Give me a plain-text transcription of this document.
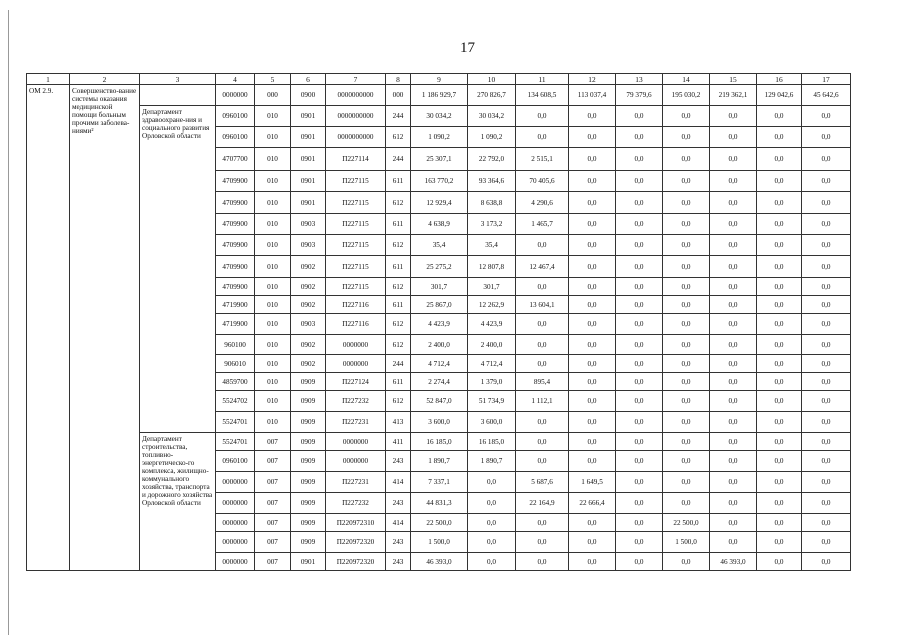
17
1	2	3	4	5	6	7	8	9	10	11	12	13	14	15	16	17
ОМ 2.9.	Совершенство-вание системы оказания медицинской помощи больным прочими заболева-ниями²		0000000	000	0900	0000000000	000	1 186 929,7	270 826,7	134 608,5	113 037,4	79 379,6	195 030,2	219 362,1	129 042,6	45 642,6
		Департамент здравоохране-ния и социального развития Орловской области	0960100	010	0901	0000000000	244	30 034,2	30 034,2	0,0	0,0	0,0	0,0	0,0	0,0	0,0
			0960100	010	0901	0000000000	612	1 090,2	1 090,2	0,0	0,0	0,0	0,0	0,0	0,0	0,0
			4707700	010	0901	П227114	244	25 307,1	22 792,0	2 515,1	0,0	0,0	0,0	0,0	0,0	0,0
			4709900	010	0901	П227115	611	163 770,2	93 364,6	70 405,6	0,0	0,0	0,0	0,0	0,0	0,0
			4709900	010	0901	П227115	612	12 929,4	8 638,8	4 290,6	0,0	0,0	0,0	0,0	0,0	0,0
			4709900	010	0903	П227115	611	4 638,9	3 173,2	1 465,7	0,0	0,0	0,0	0,0	0,0	0,0
			4709900	010	0903	П227115	612	35,4	35,4	0,0	0,0	0,0	0,0	0,0	0,0	0,0
			4709900	010	0902	П227115	611	25 275,2	12 807,8	12 467,4	0,0	0,0	0,0	0,0	0,0	0,0
			4709900	010	0902	П227115	612	301,7	301,7	0,0	0,0	0,0	0,0	0,0	0,0	0,0
			4719900	010	0902	П227116	611	25 867,0	12 262,9	13 604,1	0,0	0,0	0,0	0,0	0,0	0,0
			4719900	010	0903	П227116	612	4 423,9	4 423,9	0,0	0,0	0,0	0,0	0,0	0,0	0,0
			960100	010	0902	0000000	612	2 400,0	2 400,0	0,0	0,0	0,0	0,0	0,0	0,0	0,0
			906010	010	0902	0000000	244	4 712,4	4 712,4	0,0	0,0	0,0	0,0	0,0	0,0	0,0
			4859700	010	0909	П227124	611	2 274,4	1 379,0	895,4	0,0	0,0	0,0	0,0	0,0	0,0
			5524702	010	0909	П227232	612	52 847,0	51 734,9	1 112,1	0,0	0,0	0,0	0,0	0,0	0,0
			5524701	010	0909	П227231	413	3 600,0	3 600,0	0,0	0,0	0,0	0,0	0,0	0,0	0,0
		Департамент строительства, топливно-энергетическо-го комплекса, жилищно-коммунального хозяйства, транспорта и дорожного хозяйства Орловской области	5524701	007	0909	0000000	411	16 185,0	16 185,0	0,0	0,0	0,0	0,0	0,0	0,0	0,0
			0960100	007	0909	0000000	243	1 890,7	1 890,7	0,0	0,0	0,0	0,0	0,0	0,0	0,0
			0000000	007	0909	П227231	414	7 337,1	0,0	5 687,6	1 649,5	0,0	0,0	0,0	0,0	0,0
			0000000	007	0909	П227232	243	44 831,3	0,0	22 164,9	22 666,4	0,0	0,0	0,0	0,0	0,0
			0000000	007	0909	П220972310	414	22 500,0	0,0	0,0	0,0	0,0	22 500,0	0,0	0,0	0,0
			0000000	007	0909	П220972320	243	1 500,0	0,0	0,0	0,0	0,0	1 500,0	0,0	0,0	0,0
			0000000	007	0901	П220972320	243	46 393,0	0,0	0,0	0,0	0,0	0,0	46 393,0	0,0	0,0
